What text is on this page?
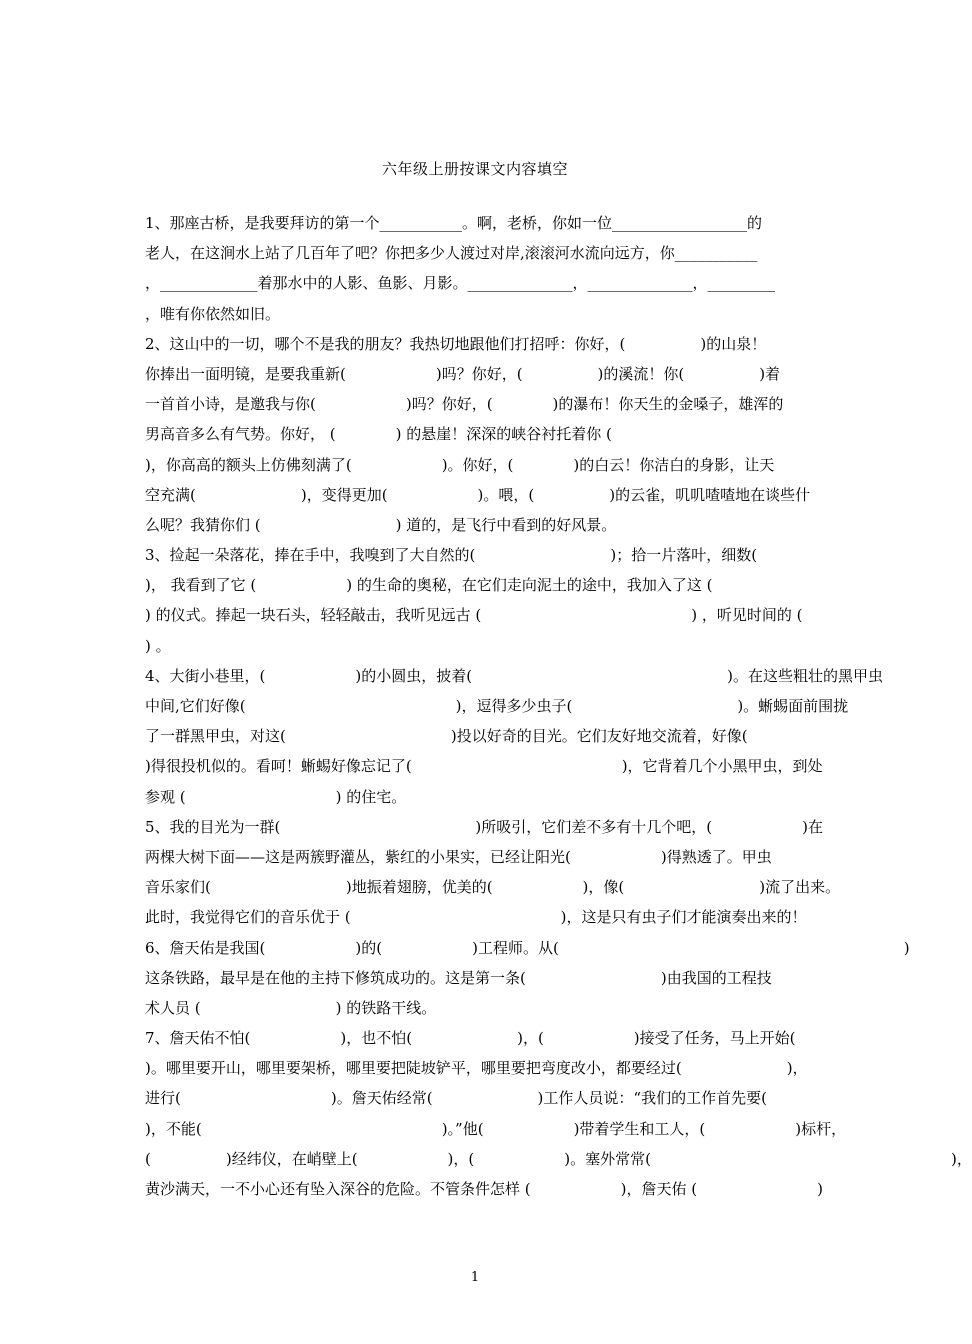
六年级上册按课文内容填空
1、那座古桥，是我要拜访的第一个___________。啊，老桥，你如一位__________________的
老人，在这涧水上站了几百年了吧？你把多少人渡过对岸,滚滚河水流向远方，你___________
，_____________着那水中的人影、鱼影、月影。______________，______________，_________
，唯有你依然如旧。
2、这山中的一切，哪个不是我的朋友？我热切地跟他们打招呼：你好，(　　　　　)的山泉！
你捧出一面明镜，是要我重新(　　　　　　)吗？你好，(　　　　　)的溪流！你(　　　　　)着
一首首小诗，是邀我与你(　　　　　　)吗？你好，(　　　　)的瀑布！你天生的金嗓子，雄浑的
男高音多么有气势。你好， (　　　　) 的悬崖！深深的峡谷衬托着你 (
)，你高高的额头上仿佛刻满了(　　　　　　)。你好，(　　　　)的白云！你洁白的身影，让天
空充满(　　　　　　　)，变得更加(　　　　　　)。喂，(　　　　　)的云雀，叽叽喳喳地在谈些什
么呢？我猜你们 (　　　　　　　　　) 道的，是飞行中看到的好风景。
3、捡起一朵落花，捧在手中，我嗅到了大自然的(　　　　　　　　　)；拾一片落叶，细数(
)， 我看到了它 (　　　　　　) 的生命的奥秘，在它们走向泥土的途中，我加入了这 (
) 的仪式。捧起一块石头，轻轻敲击，我听见远古 (　　　　　　　　　　　　　　) ，听见时间的 (
) 。
4、大街小巷里，(　　　　　　)的小圆虫，披着(　　　　　　　　　　　　　　　　　)。在这些粗壮的黑甲虫
中间,它们好像(　　　　　　　　　　　　　　)，逗得多少虫子(　　　　　　　　　　　)。蜥蜴面前围拢
了一群黑甲虫，对这(　　　　　　　　　　　)投以好奇的目光。它们友好地交流着，好像(
)得很投机似的。看呵！蜥蜴好像忘记了(　　　　　　　　　　　　　　)，它背着几个小黑甲虫，到处
参观 (　　　　　　　　　　) 的住宅。
5、我的目光为一群(　　　　　　　　　　　　　)所吸引，它们差不多有十几个吧，(　　　　　　)在
两棵大树下面——这是两簇野灌丛，紫红的小果实，已经让阳光(　　　　　　)得熟透了。甲虫
音乐家们(　　　　　　　　　)地振着翅膀，优美的(　　　　　　)，像(　　　　　　　　　)流了出来。
此时，我觉得它们的音乐优于 (　　　　　　　　　　　　　　)，这是只有虫子们才能演奏出来的！
6、詹天佑是我国(　　　　　　)的(　　　　　　)工程师。从(　　　　　　　　　　　　　　　　　　　　　　　)
这条铁路，最早是在他的主持下修筑成功的。这是第一条(　　　　　　　　　)由我国的工程技
术人员 (　　　　　　　　　) 的铁路干线。
7、詹天佑不怕(　　　　　　)，也不怕(　　　　　　　)，(　　　　　　)接受了任务，马上开始(
)。哪里要开山，哪里要架桥，哪里要把陡坡铲平，哪里要把弯度改小，都要经过(　　　　　　　)，
进行(　　　　　　　　　　)。詹天佑经常(　　　　　　　)工作人员说：“我们的工作首先要(
)，不能(　　　　　　　　　　　　　　　　)。”他(　　　　　　)带着学生和工人，(　　　　　　)标杆，
(　　　　　)经纬仪，在峭壁上(　　　　　　)，(　　　　　　)。塞外常常(　　　　　　　　　　　　　　　　　　　　)，
黄沙满天，一不小心还有坠入深谷的危险。不管条件怎样 (　　　　　　)，詹天佑 (　　　　　　　　)
1
